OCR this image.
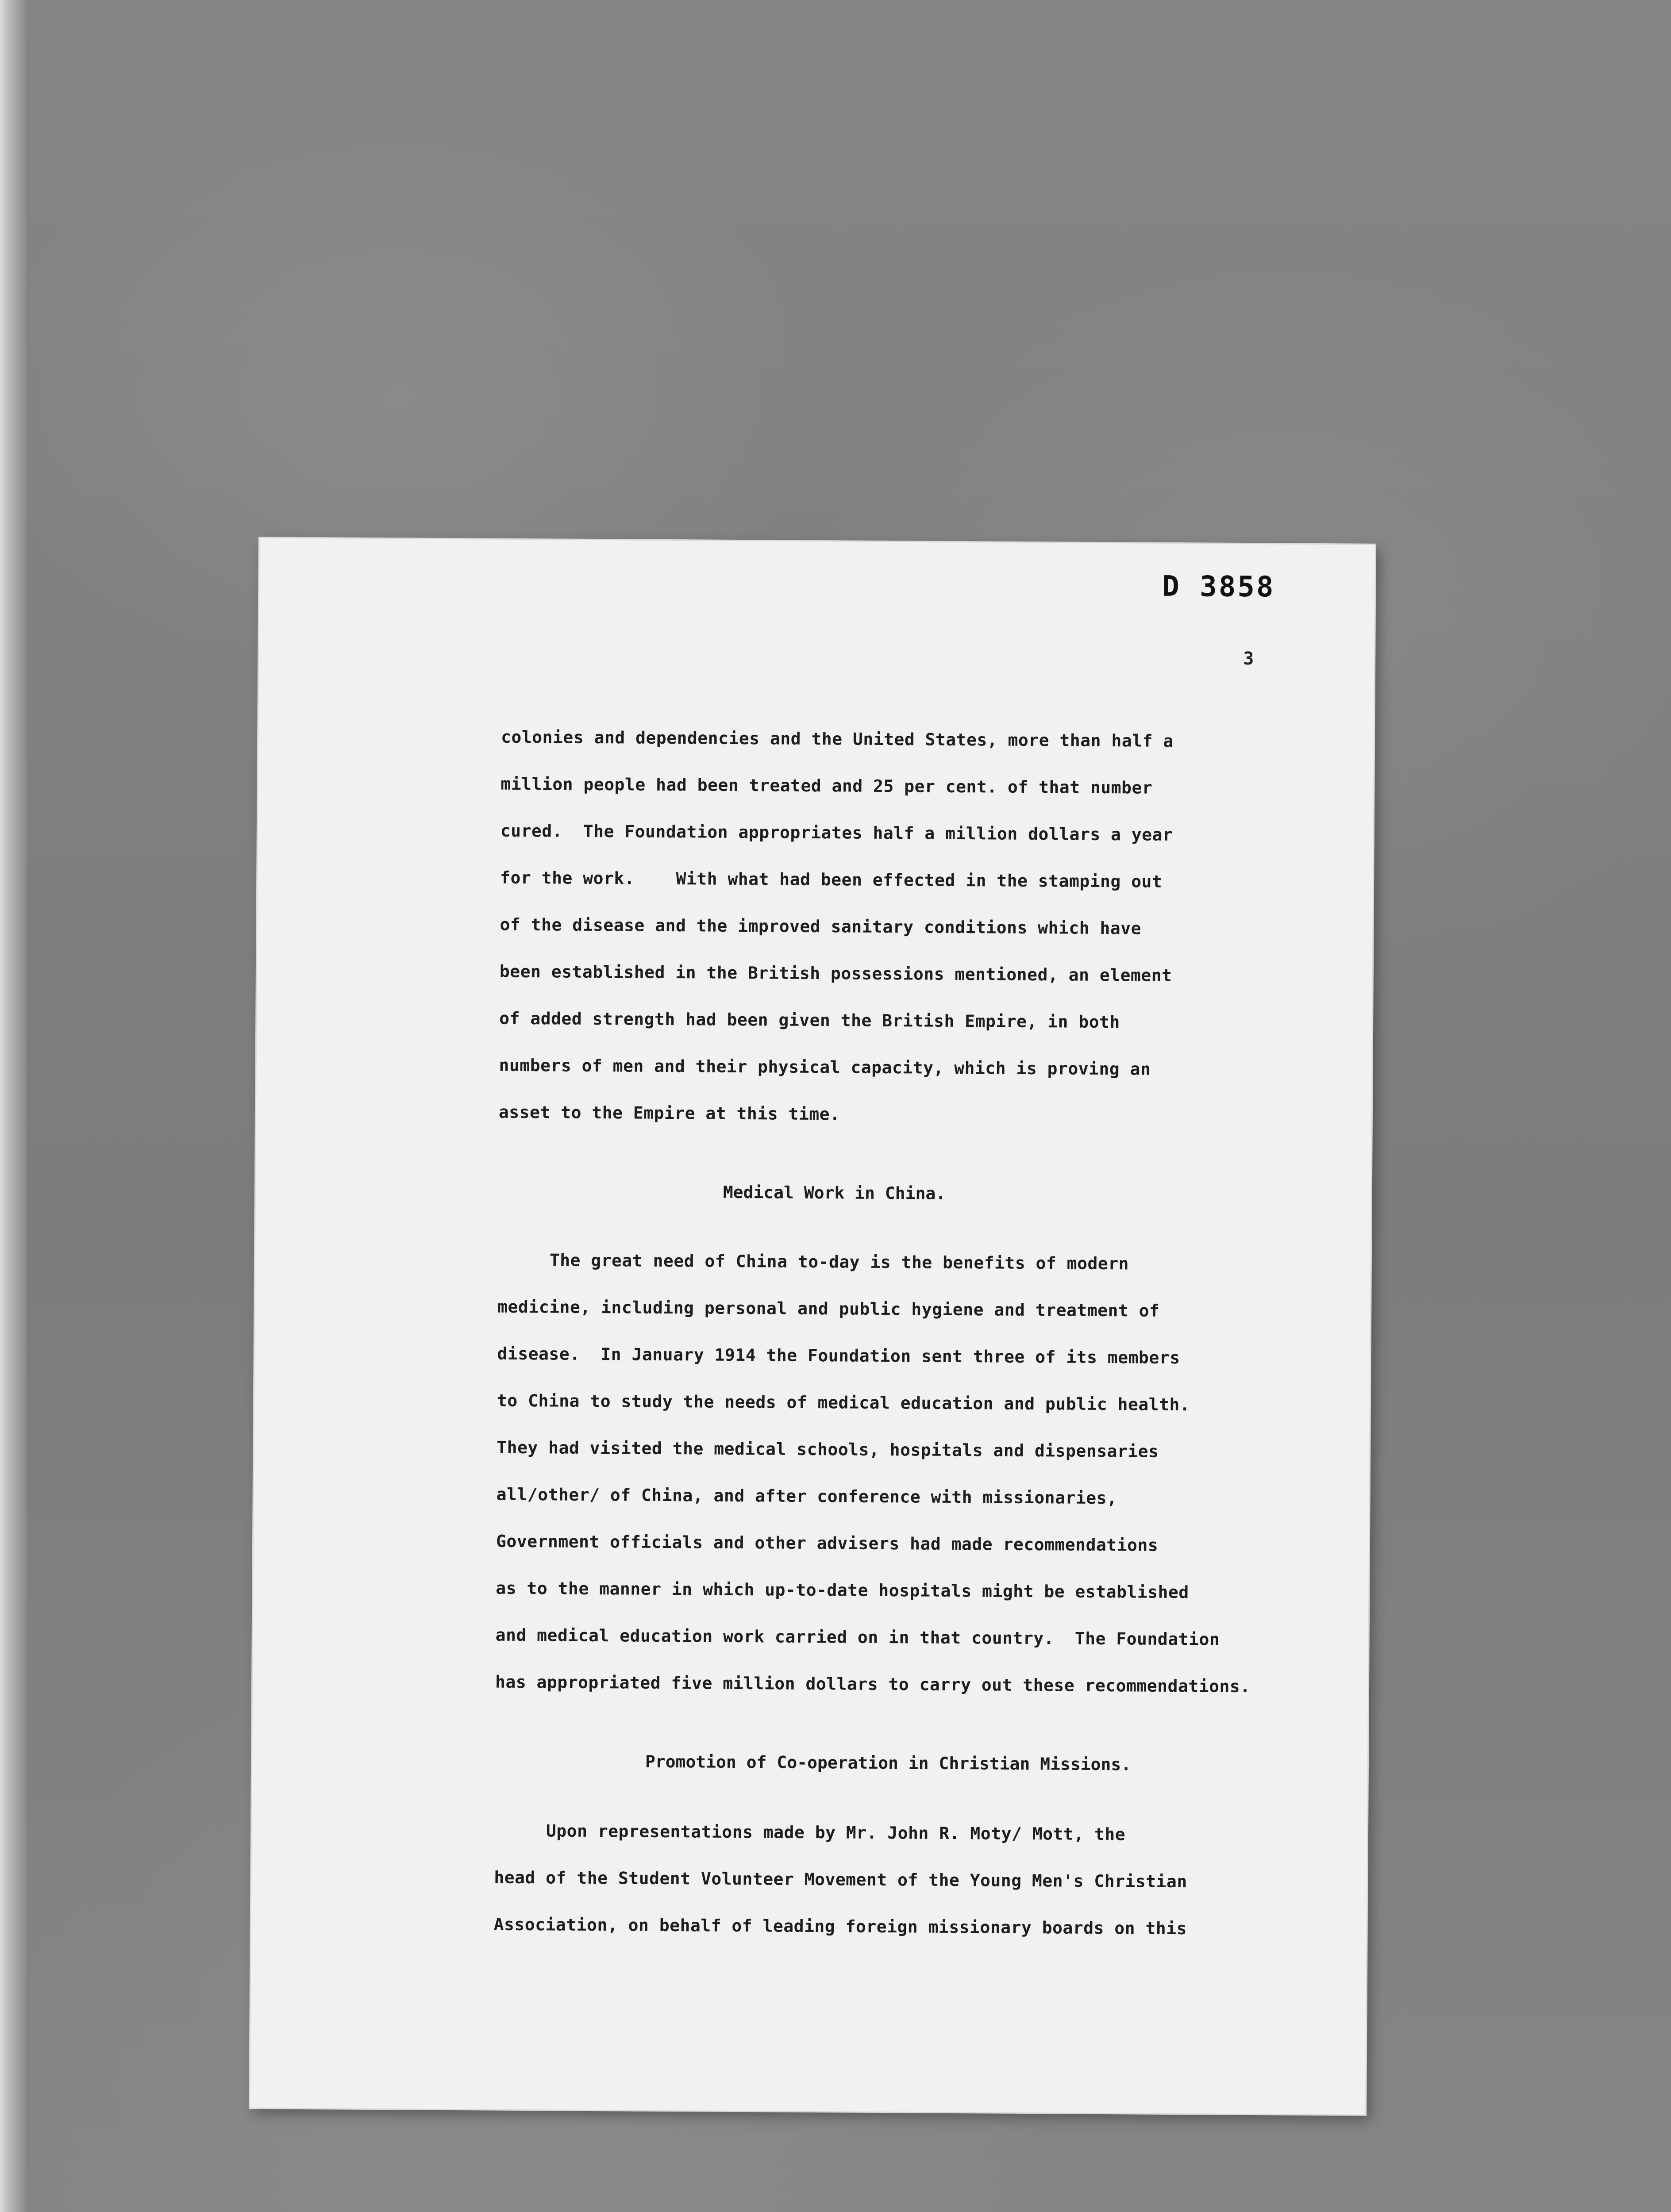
D 3858
3
colonies and dependencies and the United States, more than half a
million people had been treated and 25 per cent. of that number
cured.  The Foundation appropriates half a million dollars a year
for the work.    With what had been effected in the stamping out
of the disease and the improved sanitary conditions which have
been established in the British possessions mentioned, an element
of added strength had been given the British Empire, in both
numbers of men and their physical capacity, which is proving an
asset to the Empire at this time.
Medical Work in China.
The great need of China to-day is the benefits of modern
medicine, including personal and public hygiene and treatment of
disease.  In January 1914 the Foundation sent three of its members
to China to study the needs of medical education and public health.
They had visited the medical schools, hospitals and dispensaries
all/other/ of China, and after conference with missionaries,
Government officials and other advisers had made recommendations
as to the manner in which up-to-date hospitals might be established
and medical education work carried on in that country.  The Foundation
has appropriated five million dollars to carry out these recommendations.
Promotion of Co-operation in Christian Missions.
Upon representations made by Mr. John R. Moty/ Mott, the
head of the Student Volunteer Movement of the Young Men's Christian
Association, on behalf of leading foreign missionary boards on this
